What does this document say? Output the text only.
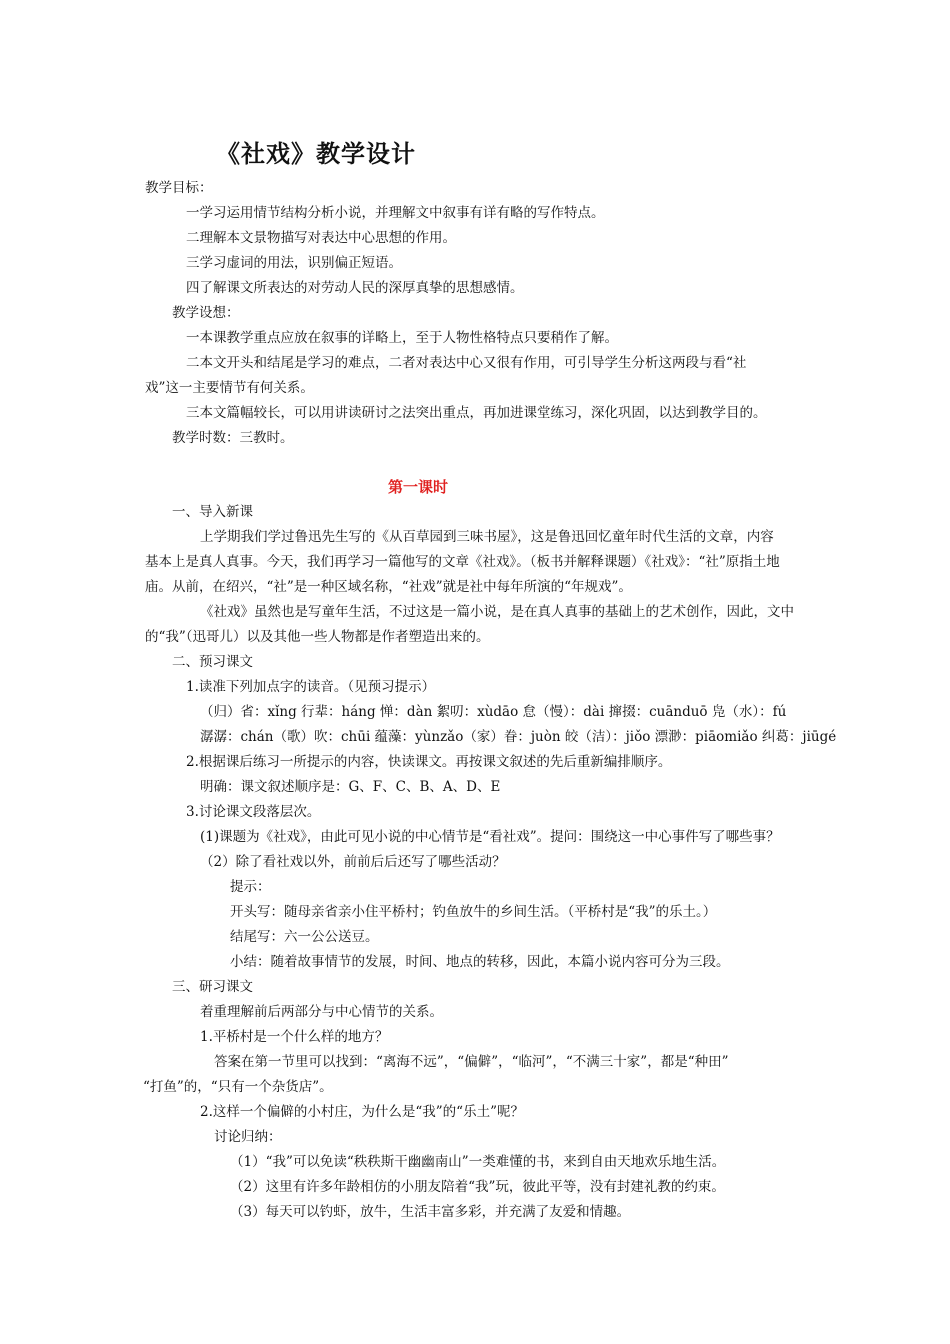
《社戏》教学设计
教学目标：
一学习运用情节结构分析小说，并理解文中叙事有详有略的写作特点。
二理解本文景物描写对表达中心思想的作用。
三学习虚词的用法，识别偏正短语。
四了解课文所表达的对劳动人民的深厚真挚的思想感情。
教学设想：
一本课教学重点应放在叙事的详略上，至于人物性格特点只要稍作了解。
二本文开头和结尾是学习的难点，二者对表达中心又很有作用，可引导学生分析这两段与看“社
戏”这一主要情节有何关系。
三本文篇幅较长，可以用讲读研讨之法突出重点，再加进课堂练习，深化巩固，以达到教学目的。
教学时数：三教时。
第一课时
一、导入新课
上学期我们学过鲁迅先生写的《从百草园到三味书屋》，这是鲁迅回忆童年时代生活的文章，内容
基本上是真人真事。今天，我们再学习一篇他写的文章《社戏》。（板书并解释课题）《社戏》：“社”原指土地
庙。从前，在绍兴，“社”是一种区域名称，“社戏”就是社中每年所演的“年规戏”。
《社戏》虽然也是写童年生活，不过这是一篇小说，是在真人真事的基础上的艺术创作，因此，文中
的“我”（迅哥儿）以及其他一些人物都是作者塑造出来的。
二、预习课文
1.读准下列加点字的读音。（见预习提示）
（归）省：xǐng 行辈：háng 惮：dàn 絮叨：xùdāo 怠（慢）：dài 撺掇：cuānduō 凫（水）：fú
潺潺：chán（歌）吹：chūi 蕴藻：yùnzǎo（家）眷：juòn 皎（洁）：jiǒo 漂渺：piāomiǎo 纠葛：jiūgé
2.根据课后练习一所提示的内容，快读课文。再按课文叙述的先后重新编排顺序。
明确：课文叙述顺序是：G、F、C、B、A、D、E
3.讨论课文段落层次。
(1)课题为《社戏》，由此可见小说的中心情节是“看社戏”。提问：围绕这一中心事件写了哪些事？
（2）除了看社戏以外，前前后后还写了哪些活动？
提示：
开头写：随母亲省亲小住平桥村；钓鱼放牛的乡间生活。（平桥村是“我”的乐土。）
结尾写：六一公公送豆。
小结：随着故事情节的发展，时间、地点的转移，因此，本篇小说内容可分为三段。
三、研习课文
着重理解前后两部分与中心情节的关系。
1.平桥村是一个什么样的地方？
答案在第一节里可以找到：“离海不远”，“偏僻”，“临河”，“不满三十家”，都是“种田”
“打鱼”的，“只有一个杂货店”。
2.这样一个偏僻的小村庄，为什么是“我”的“乐土”呢？
讨论归纳：
（1）“我”可以免读“秩秩斯干幽幽南山”一类难懂的书，来到自由天地欢乐地生活。
（2）这里有许多年龄相仿的小朋友陪着“我”玩，彼此平等，没有封建礼教的约束。
（3）每天可以钓虾，放牛，生活丰富多彩，并充满了友爱和情趣。
